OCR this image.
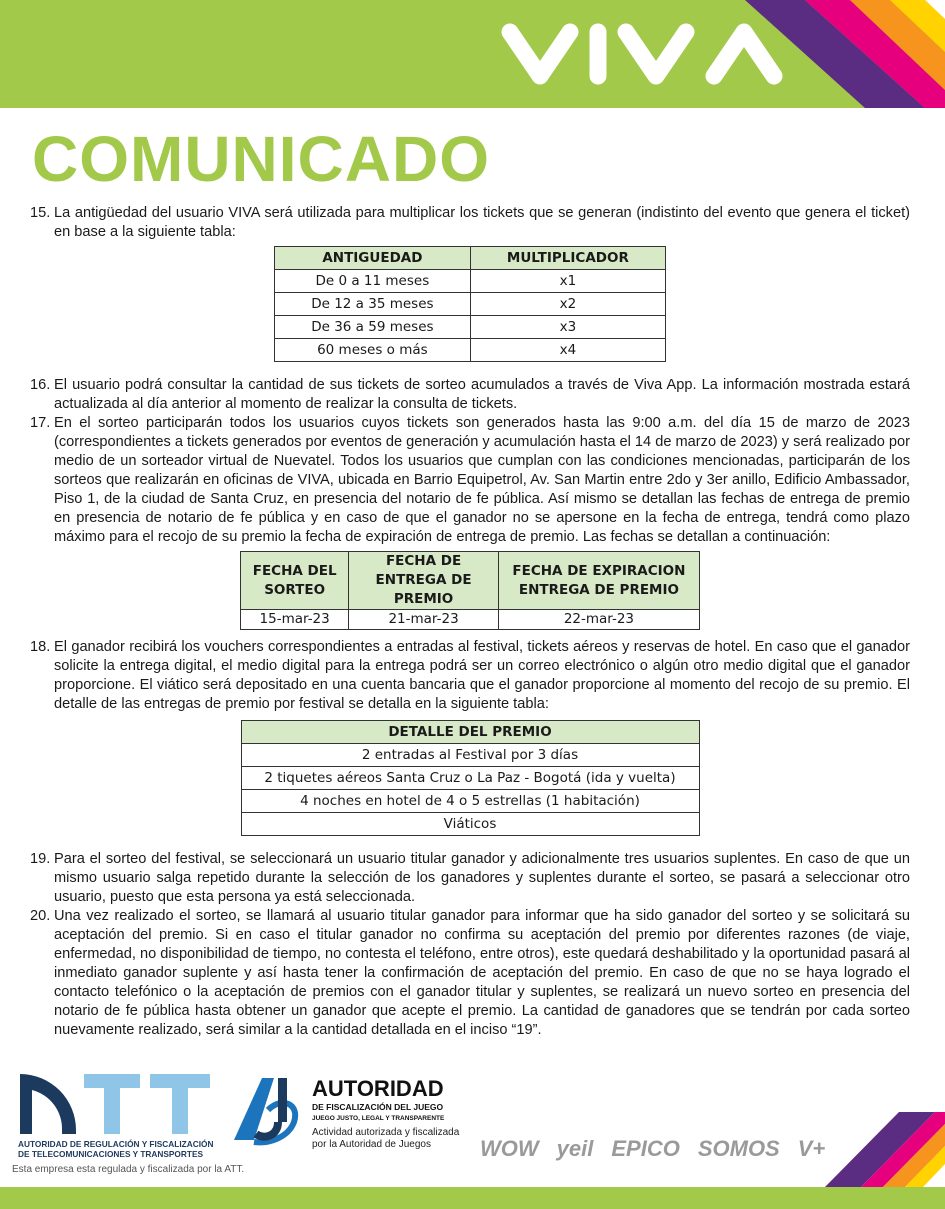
COMUNICADO
15. La antigüedad del usuario VIVA será utilizada para multiplicar los tickets que se generan (indistinto del evento que genera el ticket) en base a la siguiente tabla:
ANTIGUEDAD	MULTIPLICADOR
De 0 a 11 meses	x1
De 12 a 35 meses	x2
De 36 a 59 meses	x3
60 meses o más	x4
16. El usuario podrá consultar la cantidad de sus tickets de sorteo acumulados a través de Viva App. La información mostrada estará actualizada al día anterior al momento de realizar la consulta de tickets.
17. En el sorteo participarán todos los usuarios cuyos tickets son generados hasta las 9:00 a.m. del día 15 de marzo de 2023 (correspondientes a tickets generados por eventos de generación y acumulación hasta el 14 de marzo de 2023) y será realizado por medio de un sorteador virtual de Nuevatel. Todos los usuarios que cumplan con las condiciones mencionadas, participarán de los sorteos que realizarán en oficinas de VIVA, ubicada en Barrio Equipetrol, Av. San Martin entre 2do y 3er anillo, Edificio Ambassador, Piso 1, de la ciudad de Santa Cruz, en presencia del notario de fe pública. Así mismo se detallan las fechas de entrega de premio en presencia de notario de fe pública y en caso de que el ganador no se apersone en la fecha de entrega, tendrá como plazo máximo para el recojo de su premio la fecha de expiración de entrega de premio. Las fechas se detallan a continuación:
FECHA DEL SORTEO	FECHA DE ENTREGA DE PREMIO	FECHA DE EXPIRACION ENTREGA DE PREMIO
15-mar-23	21-mar-23	22-mar-23
18. El ganador recibirá los vouchers correspondientes a entradas al festival, tickets aéreos y reservas de hotel. En caso que el ganador solicite la entrega digital, el medio digital para la entrega podrá ser un correo electrónico o algún otro medio digital que el ganador proporcione. El viático será depositado en una cuenta bancaria que el ganador proporcione al momento del recojo de su premio. El detalle de las entregas de premio por festival se detalla en la siguiente tabla:
DETALLE DEL PREMIO
2 entradas al Festival por 3 días
2 tiquetes aéreos Santa Cruz o La Paz - Bogotá (ida y vuelta)
4 noches en hotel de 4 o 5 estrellas (1 habitación)
Viáticos
19. Para el sorteo del festival, se seleccionará un usuario titular ganador y adicionalmente tres usuarios suplentes. En caso de que un mismo usuario salga repetido durante la selección de los ganadores y suplentes durante el sorteo, se pasará a seleccionar otro usuario, puesto que esta persona ya está seleccionada.
20. Una vez realizado el sorteo, se llamará al usuario titular ganador para informar que ha sido ganador del sorteo y se solicitará su aceptación del premio. Si en caso el titular ganador no confirma su aceptación del premio por diferentes razones (de viaje, enfermedad, no disponibilidad de tiempo, no contesta el teléfono, entre otros), este quedará deshabilitado y la oportunidad pasará al inmediato ganador suplente y así hasta tener la confirmación de aceptación del premio. En caso de que no se haya logrado el contacto telefónico o la aceptación de premios con el ganador titular y suplentes, se realizará un nuevo sorteo en presencia del notario de fe pública hasta obtener un ganador que acepte el premio. La cantidad de ganadores que se tendrán por cada sorteo nuevamente realizado, será similar a la cantidad detallada en el inciso “19”.
AUTORIDAD DE REGULACIÓN Y FISCALIZACIÓN
DE TELECOMUNICACIONES Y TRANSPORTES
AUTORIDAD
DE FISCALIZACIÓN DEL JUEGO
JUEGO JUSTO, LEGAL Y TRANSPARENTE
Actividad autorizada y fiscalizada
por la Autoridad de Juegos	WOW yeil EPICO SOMOS V+
Esta empresa esta regulada y fiscalizada por la ATT.
